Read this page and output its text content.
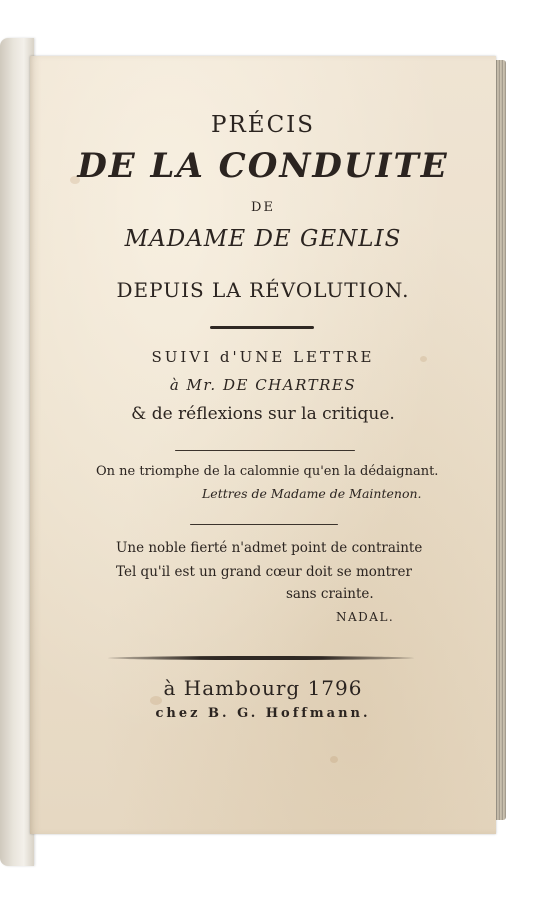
PRÉCIS
DE LA CONDUITE
DE
MADAME DE GENLIS
DEPUIS LA RÉVOLUTION.
SUIVI d'UNE LETTRE
à Mr. DE CHARTRES
& de réflexions sur la critique.
On ne triomphe de la calomnie qu'en la dédaignant.
Lettres de Madame de Maintenon.
Une noble fierté n'admet point de contrainte
Tel qu'il est un grand cœur doit se montrer
sans crainte.
NADAL.
à Hambourg 1796
chez B. G. Hoffmann.
